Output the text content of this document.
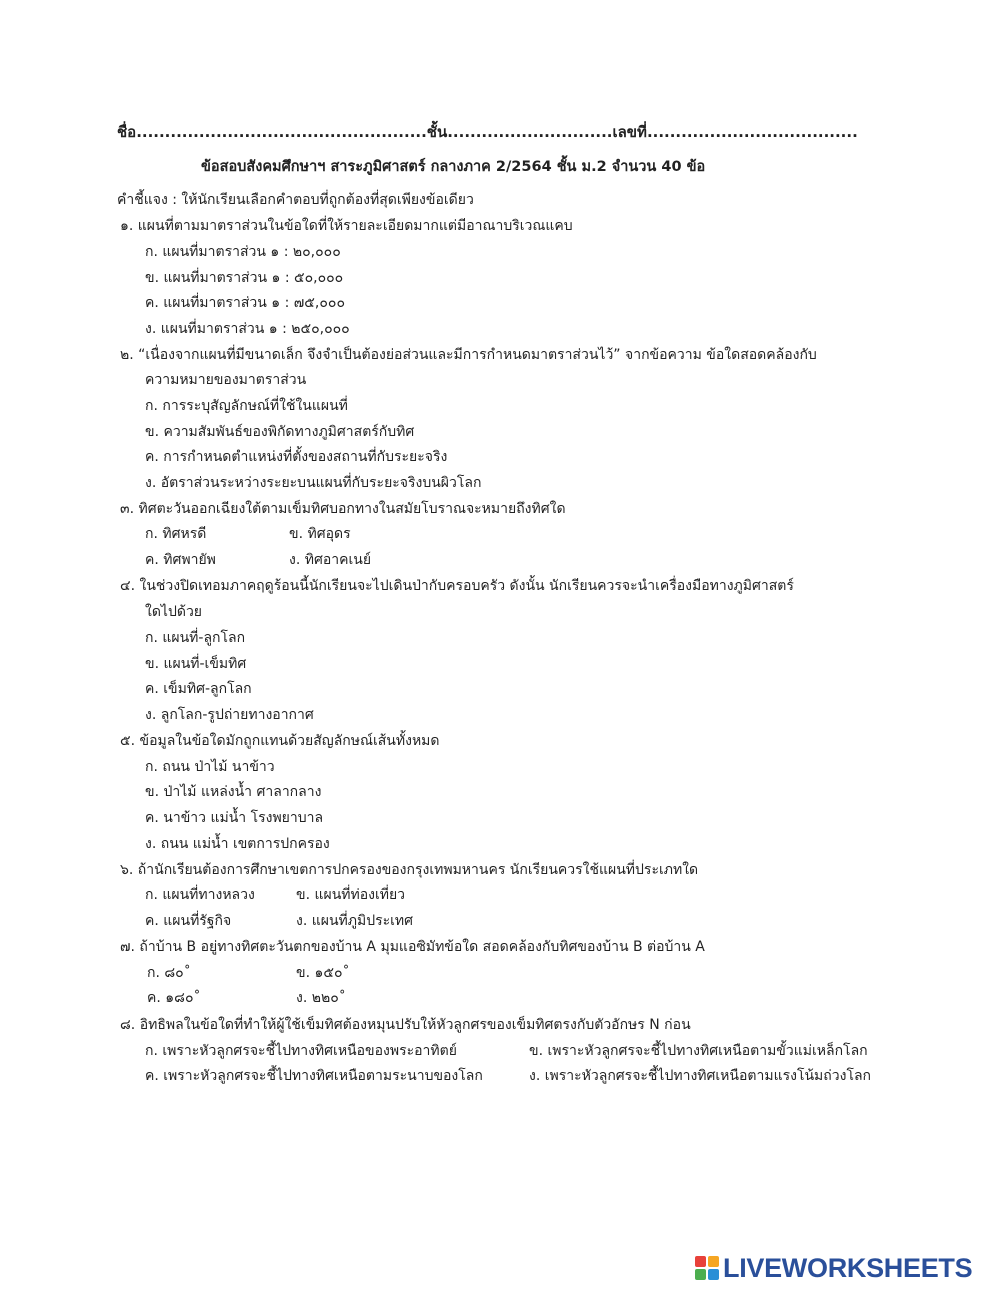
ชื่อ...................................................ชั้น.............................เลขที่.....................................
ข้อสอบสังคมศึกษาฯ สาระภูมิศาสตร์ กลางภาค 2/2564 ชั้น ม.2 จำนวน 40 ข้อ
คำชี้แจง : ให้นักเรียนเลือกคำตอบที่ถูกต้องที่สุดเพียงข้อเดียว
๑. แผนที่ตามมาตราส่วนในข้อใดที่ให้รายละเอียดมากแต่มีอาณาบริเวณแคบ
ก. แผนที่มาตราส่วน ๑ : ๒๐,๐๐๐
ข. แผนที่มาตราส่วน ๑ : ๕๐,๐๐๐
ค. แผนที่มาตราส่วน ๑ : ๗๕,๐๐๐
ง. แผนที่มาตราส่วน ๑ : ๒๕๐,๐๐๐
๒. “เนื่องจากแผนที่มีขนาดเล็ก จึงจำเป็นต้องย่อส่วนและมีการกำหนดมาตราส่วนไว้” จากข้อความ ข้อใดสอดคล้องกับ
ความหมายของมาตราส่วน
ก. การระบุสัญลักษณ์ที่ใช้ในแผนที่
ข. ความสัมพันธ์ของพิกัดทางภูมิศาสตร์กับทิศ
ค. การกำหนดตำแหน่งที่ตั้งของสถานที่กับระยะจริง
ง. อัตราส่วนระหว่างระยะบนแผนที่กับระยะจริงบนผิวโลก
๓. ทิศตะวันออกเฉียงใต้ตามเข็มทิศบอกทางในสมัยโบราณจะหมายถึงทิศใด
ก. ทิศหรดี	ข. ทิศอุดร
ค. ทิศพายัพ	ง. ทิศอาคเนย์
๔. ในช่วงปิดเทอมภาคฤดูร้อนนี้นักเรียนจะไปเดินป่ากับครอบครัว ดังนั้น นักเรียนควรจะนำเครื่องมือทางภูมิศาสตร์
ใดไปด้วย
ก. แผนที่-ลูกโลก
ข. แผนที่-เข็มทิศ
ค. เข็มทิศ-ลูกโลก
ง. ลูกโลก-รูปถ่ายทางอากาศ
๕. ข้อมูลในข้อใดมักถูกแทนด้วยสัญลักษณ์เส้นทั้งหมด
ก. ถนน ป่าไม้ นาข้าว
ข. ป่าไม้ แหล่งน้ำ ศาลากลาง
ค. นาข้าว แม่น้ำ โรงพยาบาล
ง. ถนน แม่น้ำ เขตการปกครอง
๖. ถ้านักเรียนต้องการศึกษาเขตการปกครองของกรุงเทพมหานคร นักเรียนควรใช้แผนที่ประเภทใด
ก. แผนที่ทางหลวง	ข. แผนที่ท่องเที่ยว
ค. แผนที่รัฐกิจ	ง. แผนที่ภูมิประเทศ
๗. ถ้าบ้าน B อยู่ทางทิศตะวันตกของบ้าน A มุมแอซิมัทข้อใด สอดคล้องกับทิศของบ้าน B ต่อบ้าน A
ก. ๘๐˚	ข. ๑๕๐˚
ค. ๑๘๐˚	ง. ๒๒๐˚
๘. อิทธิพลในข้อใดที่ทำให้ผู้ใช้เข็มทิศต้องหมุนปรับให้หัวลูกศรของเข็มทิศตรงกับตัวอักษร N ก่อน
ก. เพราะหัวลูกศรจะชี้ไปทางทิศเหนือของพระอาทิตย์	ข. เพราะหัวลูกศรจะชี้ไปทางทิศเหนือตามขั้วแม่เหล็กโลก
ค. เพราะหัวลูกศรจะชี้ไปทางทิศเหนือตามระนาบของโลก	ง. เพราะหัวลูกศรจะชี้ไปทางทิศเหนือตามแรงโน้มถ่วงโลก
LIVEWORKSHEETS
